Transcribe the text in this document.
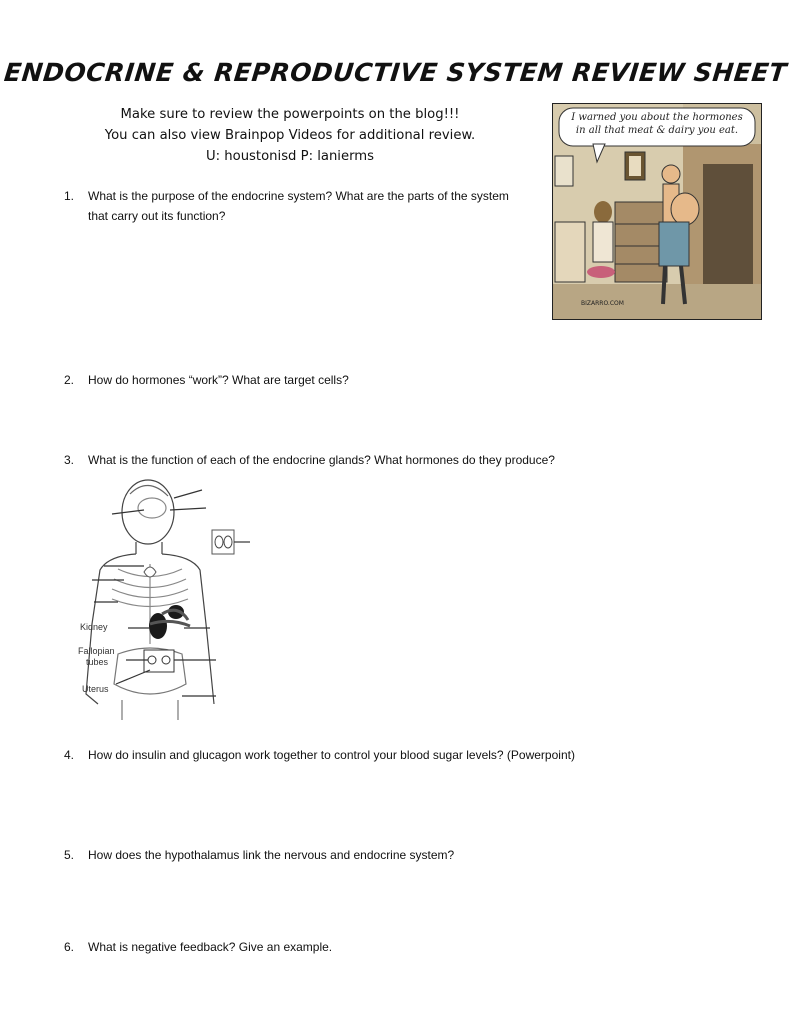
ENDOCRINE & REPRODUCTIVE SYSTEM REVIEW SHEET
Make sure to review the powerpoints on the blog!!!
You can also view Brainpop Videos for additional review.
U: houstonisd P: lanierms
I warned you about the hormones in all that meat & dairy you eat.
BIZARRO.COM
1.	What is the purpose of the endocrine system? What are the parts of the system that carry out its function?
2.	How do hormones “work”? What are target cells?
3.	What is the function of each of the endocrine glands? What hormones do they produce?
Kidney
Fallopian
tubes
Uterus
4.	How do insulin and glucagon work together to control your blood sugar levels? (Powerpoint)
5.	How does the hypothalamus link the nervous and endocrine system?
6.	What is negative feedback? Give an example.
